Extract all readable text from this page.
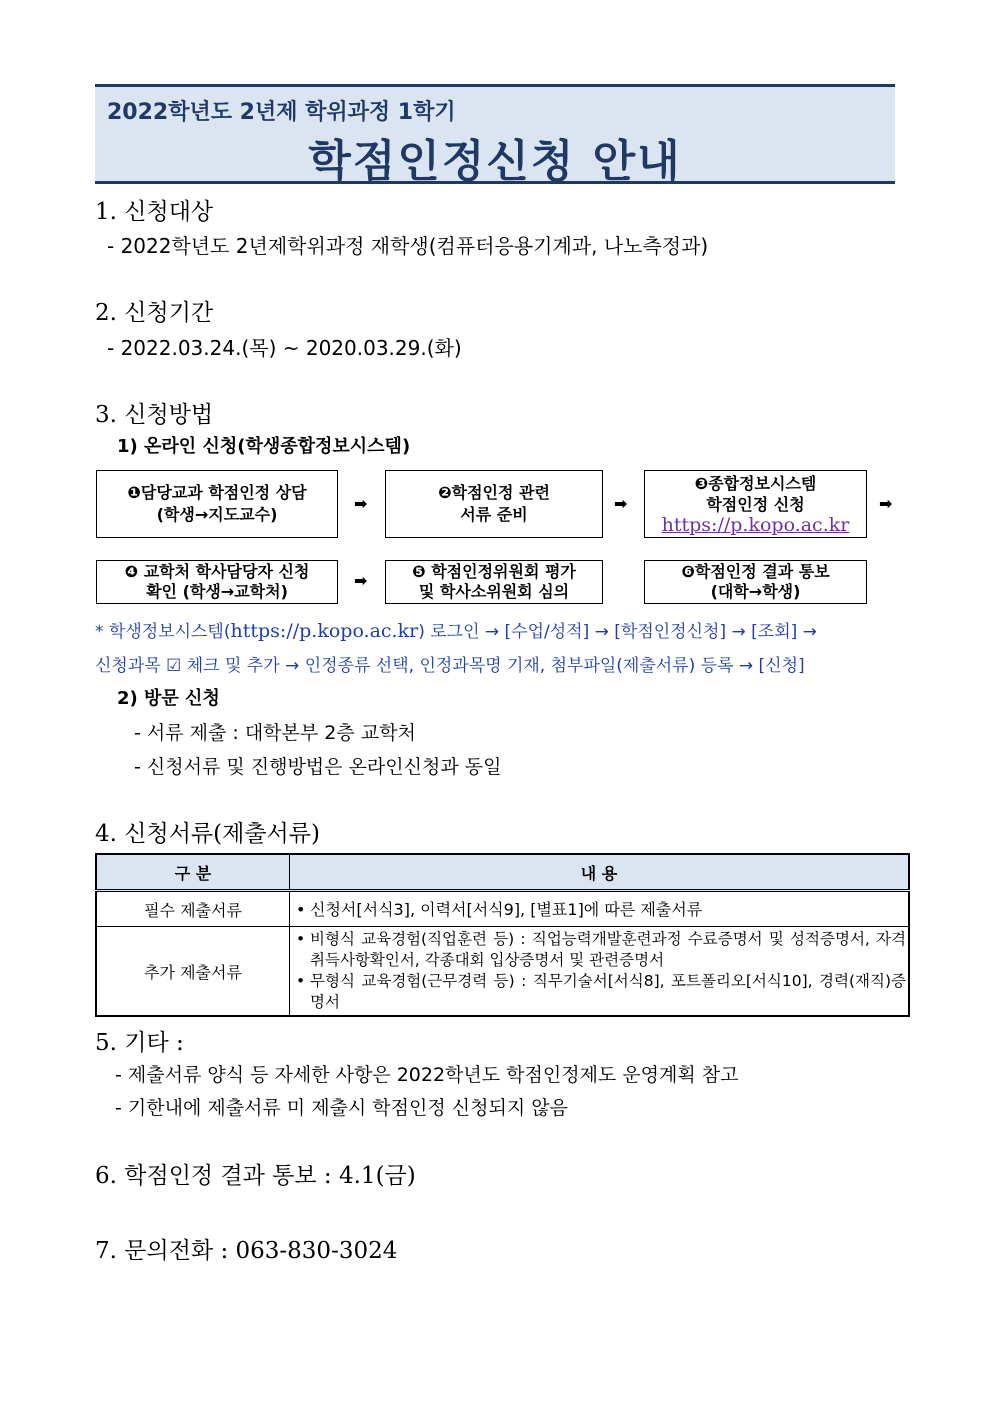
2022학년도 2년제 학위과정 1학기
학점인정신청 안내
1. 신청대상
- 2022학년도 2년제학위과정 재학생(컴퓨터응용기계과, 나노측정과)
2. 신청기간
- 2022.03.24.(목) ~ 2020.03.29.(화)
3. 신청방법
1) 온라인 신청(학생종합정보시스템)
❶담당교과 학점인정 상담
(학생→지도교수)
➡
❷학점인정 관련
서류 준비
➡
❸종합정보시스템
학점인정 신청
https://p.kopo.ac.kr
➡
❹ 교학처 학사담당자 신청
확인 (학생→교학처)
➡	❺ 학점인정위원회 평가
및 학사소위원회 심의
❻학점인정 결과 통보
(대학→학생)
* 학생정보시스템(https://p.kopo.ac.kr) 로그인 → [수업/성적] → [학점인정신청] → [조회] →
신청과목 ☑ 체크 및 추가 → 인정종류 선택, 인정과목명 기재, 첨부파일(제출서류) 등록 → [신청]
2) 방문 신청
- 서류 제출 : 대학본부 2층 교학처
- 신청서류 및 진행방법은 온라인신청과 동일
4. 신청서류(제출서류)
구 분	내 용
필수 제출서류	• 신청서[서식3], 이력서[서식9], [별표1]에 따른 제출서류

추가 제출서류	• 비형식 교육경험(직업훈련 등) : 직업능력개발훈련과정 수료증명서 및 성적증명서, 자격취득사항확인서, 각종대회 입상증명서 및 관련증명서
• 무형식 교육경험(근무경력 등) : 직무기술서[서식8], 포트폴리오[서식10], 경력(재직)증명서
5. 기타 :
- 제출서류 양식 등 자세한 사항은 2022학년도 학점인정제도 운영계획 참고
- 기한내에 제출서류 미 제출시 학점인정 신청되지 않음
6. 학점인정 결과 통보 : 4.1(금)
7. 문의전화 : 063-830-3024
